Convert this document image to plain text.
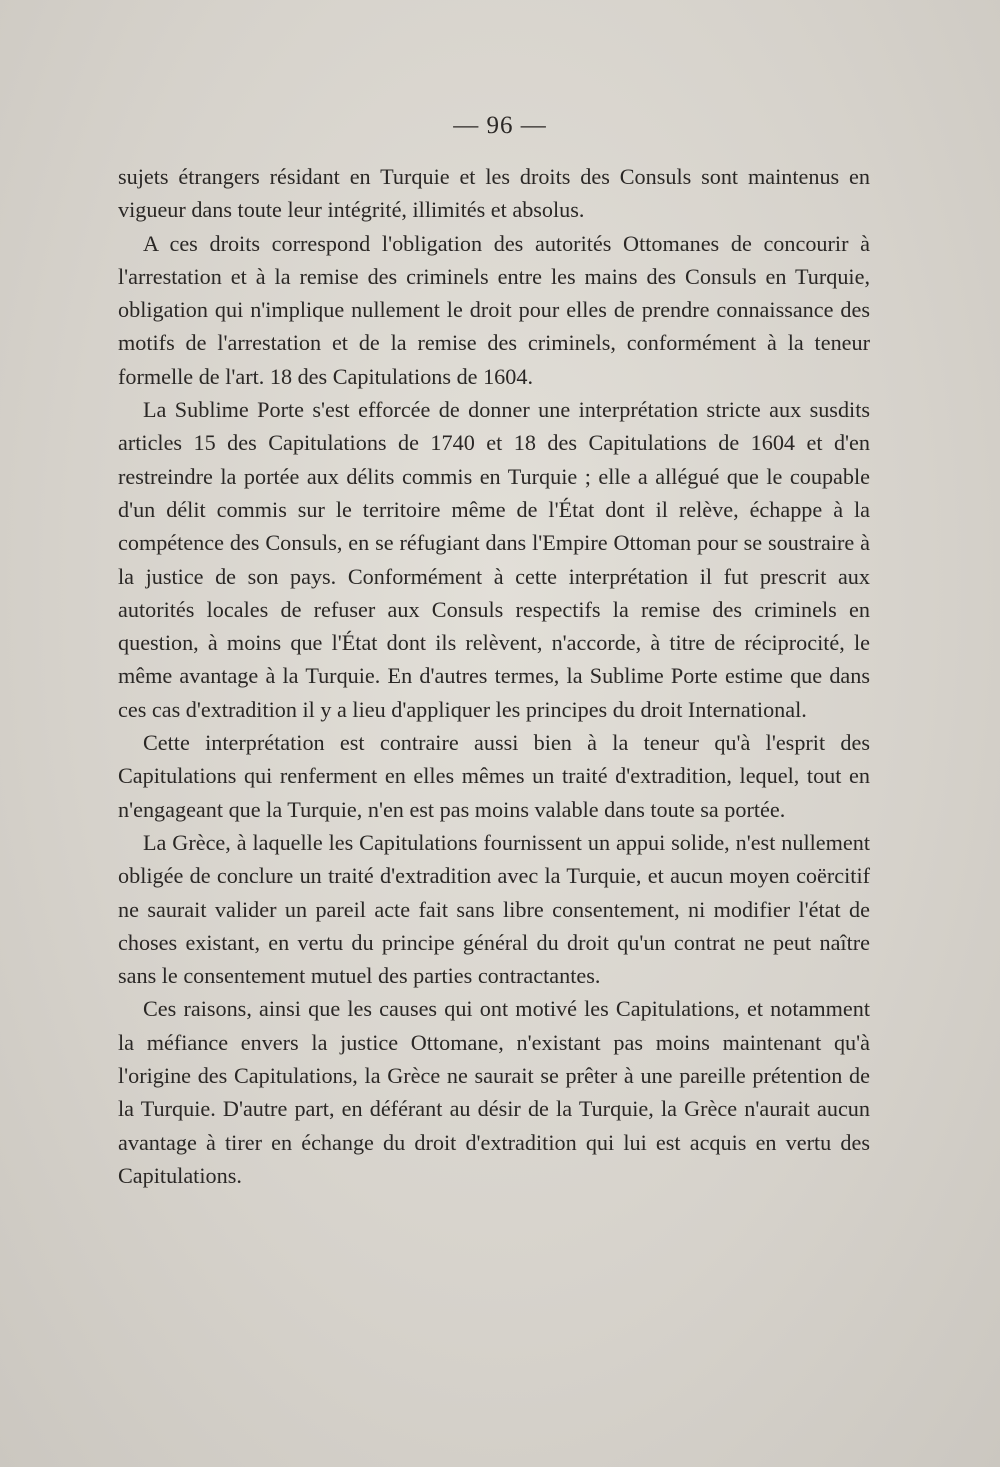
— 96 —

sujets étrangers résidant en Turquie et les droits des Consuls sont maintenus en vigueur dans toute leur intégrité, illimités et absolus.

A ces droits correspond l'obligation des autorités Ottomanes de concourir à l'arrestation et à la remise des criminels entre les mains des Consuls en Turquie, obligation qui n'implique nullement le droit pour elles de prendre connaissance des motifs de l'arrestation et de la remise des criminels, conformément à la teneur formelle de l'art. 18 des Capitulations de 1604.

La Sublime Porte s'est efforcée de donner une interprétation stricte aux susdits articles 15 des Capitulations de 1740 et 18 des Capitulations de 1604 et d'en restreindre la portée aux délits commis en Turquie ; elle a allégué que le coupable d'un délit commis sur le territoire même de l'État dont il relève, échappe à la compétence des Consuls, en se réfugiant dans l'Empire Ottoman pour se soustraire à la justice de son pays. Conformément à cette interprétation il fut prescrit aux autorités locales de refuser aux Consuls respectifs la remise des criminels en question, à moins que l'État dont ils relèvent, n'accorde, à titre de réciprocité, le même avantage à la Turquie. En d'autres termes, la Sublime Porte estime que dans ces cas d'extradition il y a lieu d'appliquer les principes du droit International.

Cette interprétation est contraire aussi bien à la teneur qu'à l'esprit des Capitulations qui renferment en elles mêmes un traité d'extradition, lequel, tout en n'engageant que la Turquie, n'en est pas moins valable dans toute sa portée.

La Grèce, à laquelle les Capitulations fournissent un appui solide, n'est nullement obligée de conclure un traité d'extradition avec la Turquie, et aucun moyen coërcitif ne saurait valider un pareil acte fait sans libre consentement, ni modifier l'état de choses existant, en vertu du principe général du droit qu'un contrat ne peut naître sans le consentement mutuel des parties contractantes.

Ces raisons, ainsi que les causes qui ont motivé les Capitulations, et notamment la méfiance envers la justice Ottomane, n'existant pas moins maintenant qu'à l'origine des Capitulations, la Grèce ne saurait se prêter à une pareille prétention de la Turquie. D'autre part, en déférant au désir de la Turquie, la Grèce n'aurait aucun avantage à tirer en échange du droit d'extradition qui lui est acquis en vertu des Capitulations.
